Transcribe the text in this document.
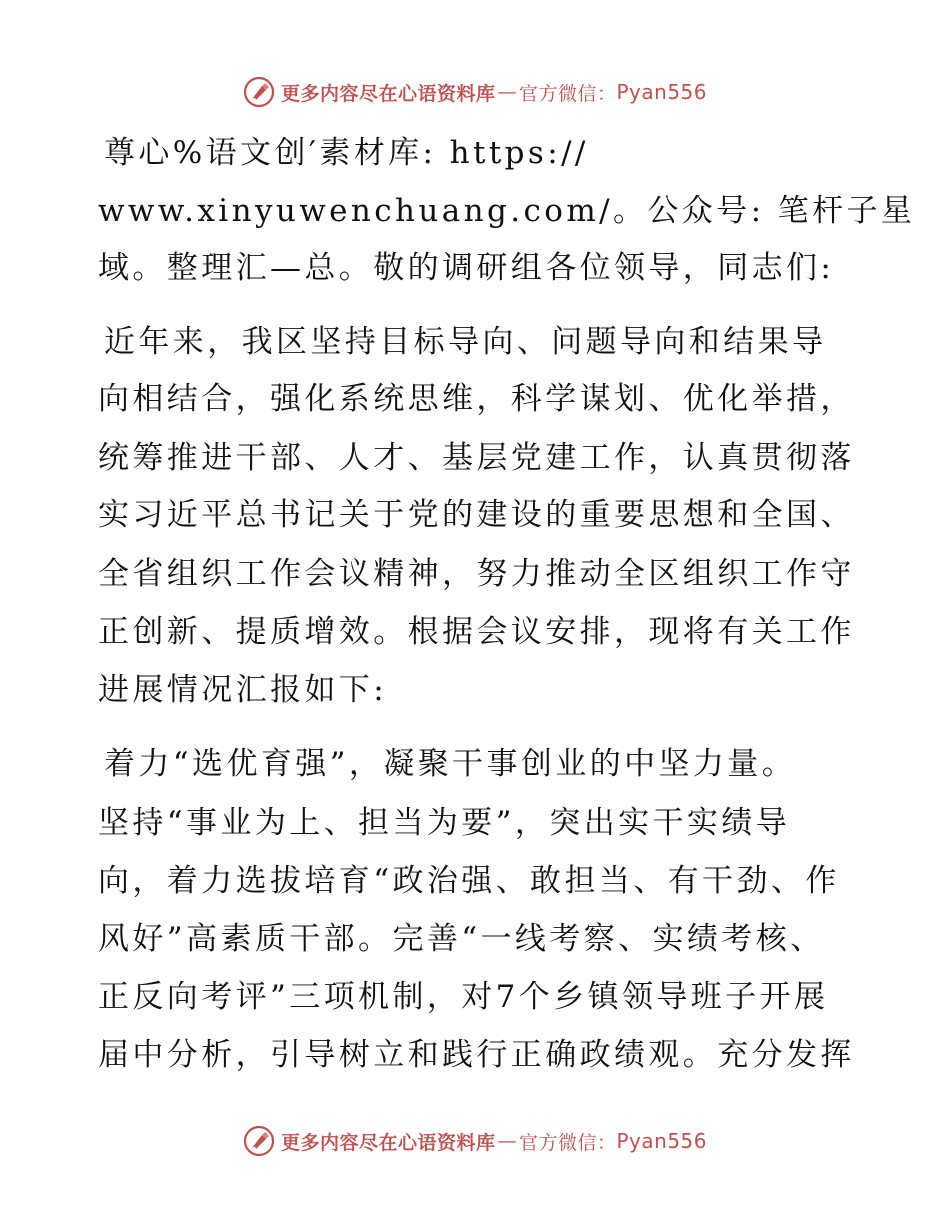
更多内容尽在心语资料库 — 官方微信： Pyan556
尊心%语文创′素材库: https://
www.xinyuwenchuang.com/。公众号: 笔杆子星
域。整理汇—总。敬的调研组各位领导，同志们:
近年来，我区坚持目标导向、问题导向和结果导
向相结合，强化系统思维，科学谋划、优化举措，
统筹推进干部、人才、基层党建工作，认真贯彻落
实习近平总书记关于党的建设的重要思想和全国、
全省组织工作会议精神，努力推动全区组织工作守
正创新、提质增效。根据会议安排，现将有关工作
进展情况汇报如下:
着力“选优育强”，凝聚干事创业的中坚力量。
坚持“事业为上、担当为要”，突出实干实绩导
向，着力选拔培育“政治强、敢担当、有干劲、作
风好”高素质干部。完善“一线考察、实绩考核、
正反向考评”三项机制，对7个乡镇领导班子开展
届中分析，引导树立和践行正确政绩观。充分发挥
更多内容尽在心语资料库 — 官方微信： Pyan556
